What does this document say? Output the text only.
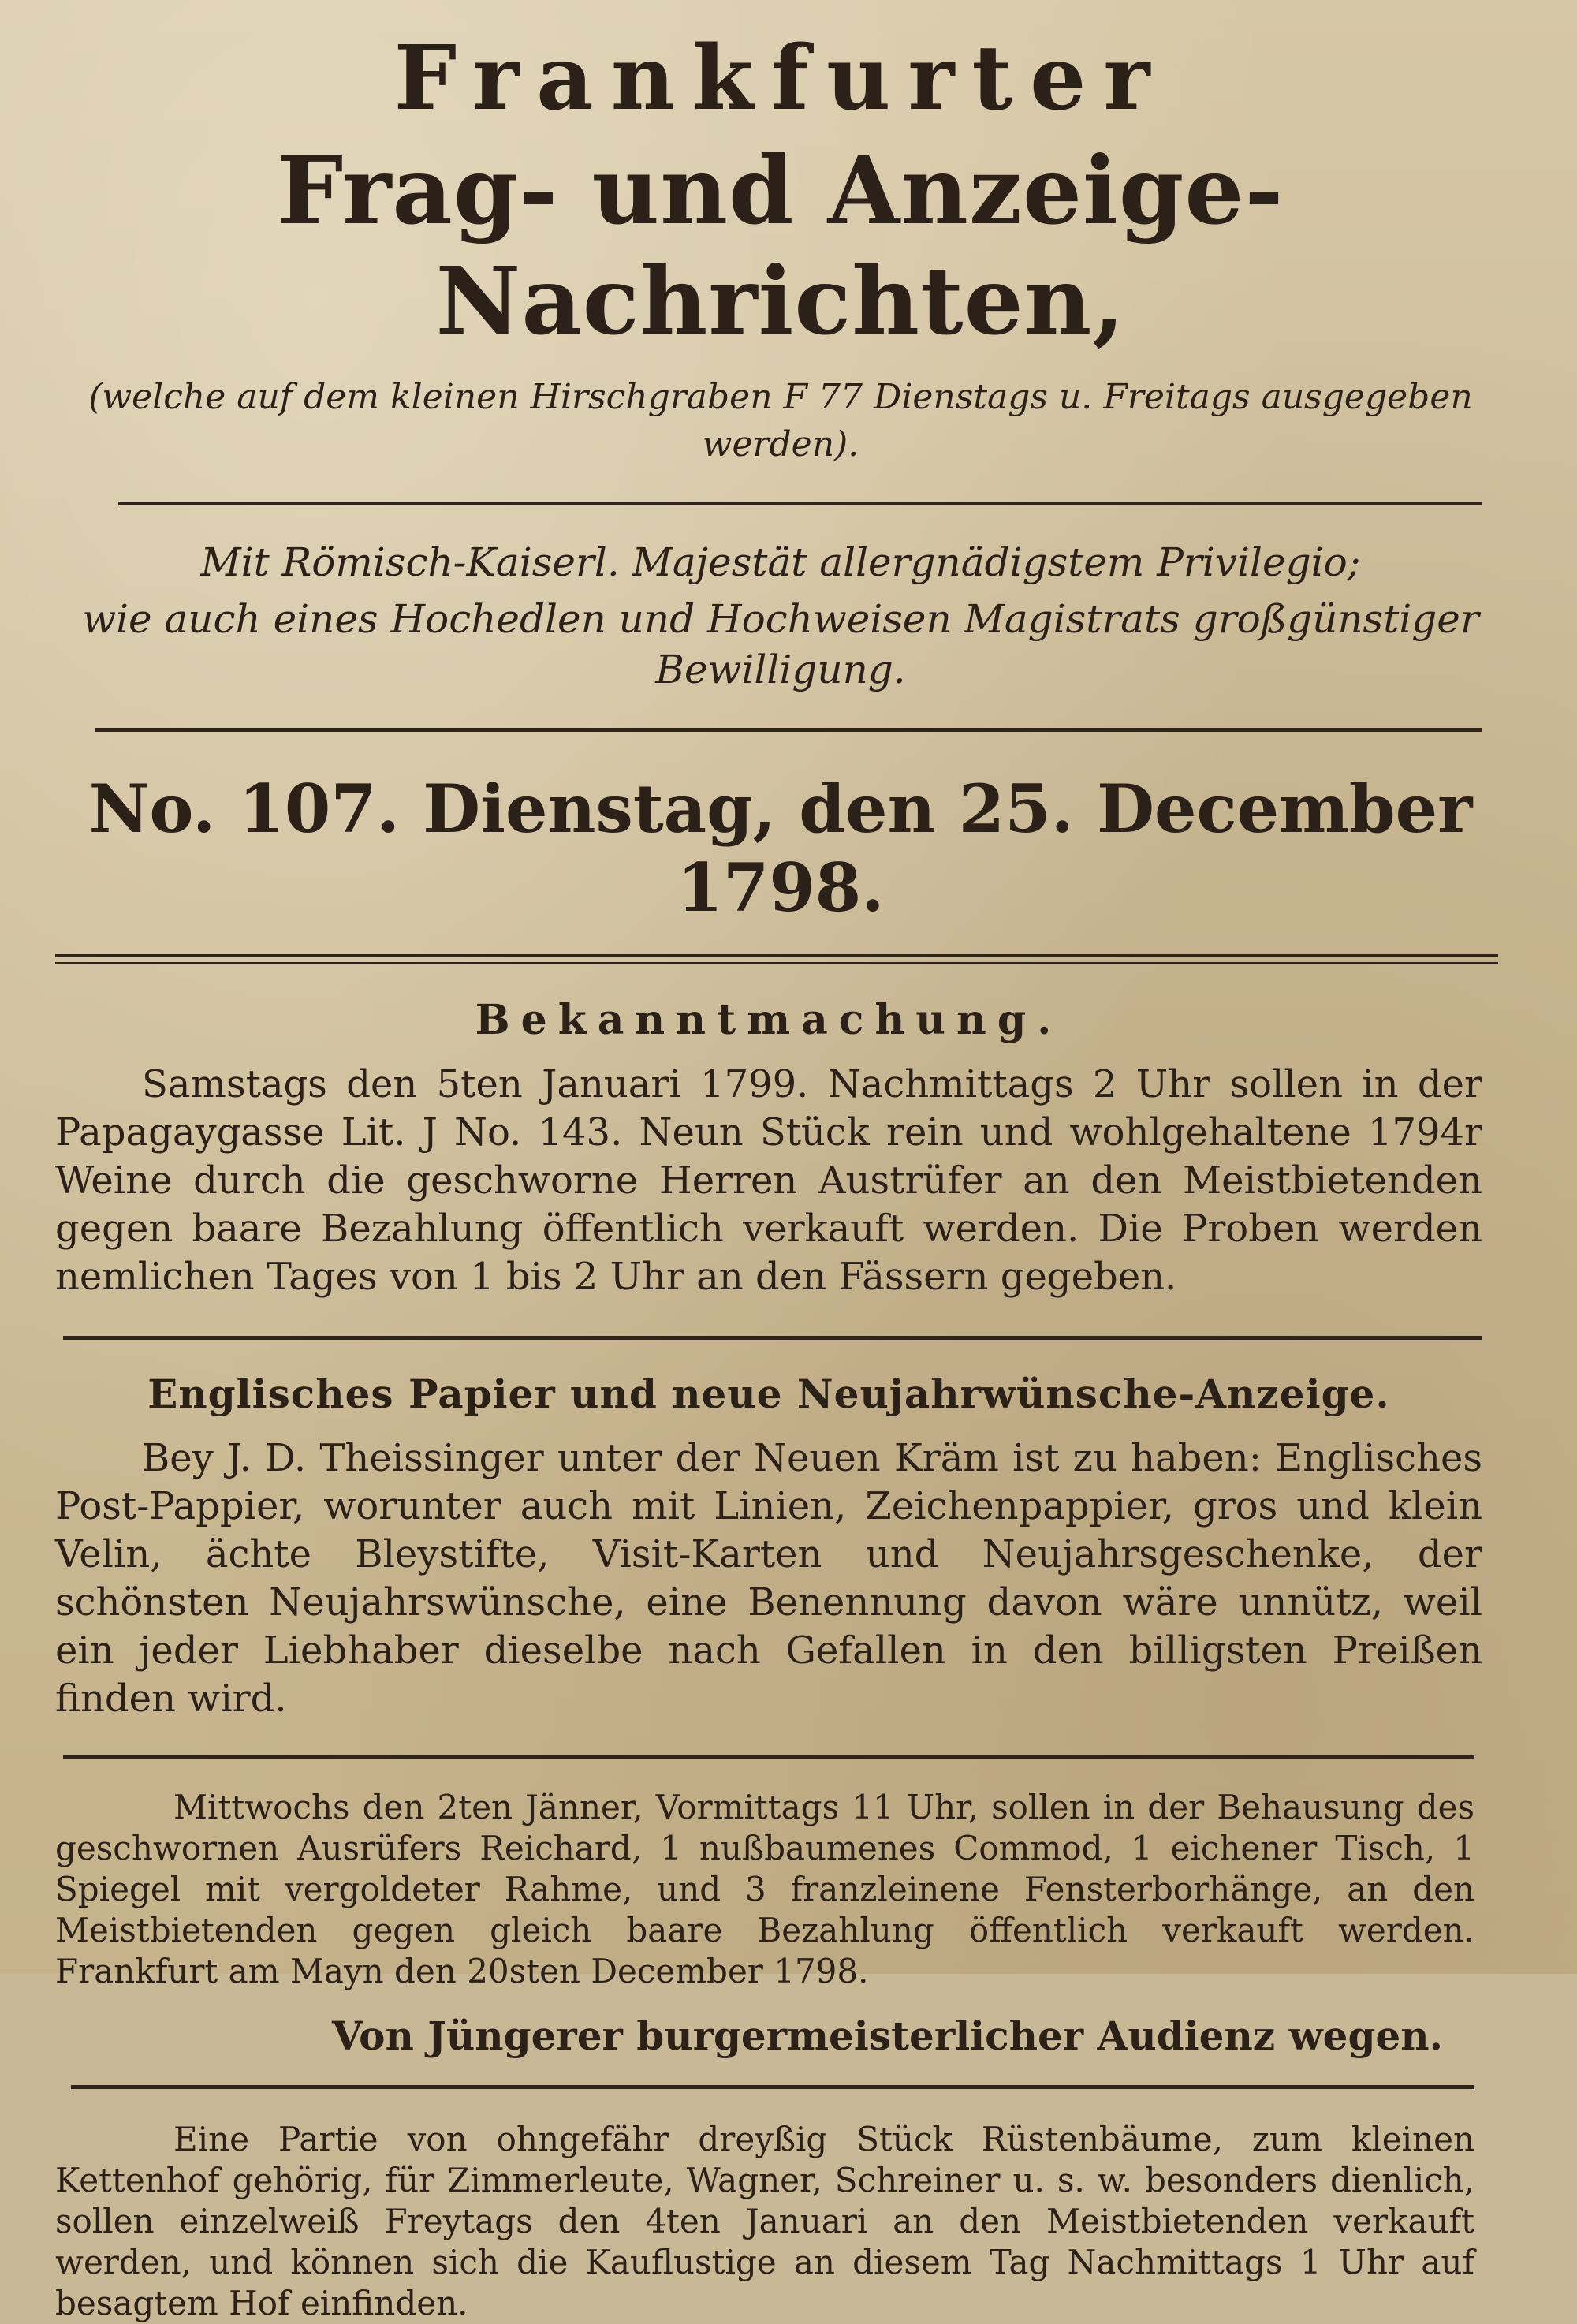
Frankfurter

Frag- und Anzeige-Nachrichten,

(welche auf dem kleinen Hirschgraben F 77 Dienstags u. Freitags ausgegeben werden).

Mit Römisch-Kaiserl. Majestät allergnädigstem Privilegio;

wie auch eines Hochedlen und Hochweisen Magistrats großgünstiger Bewilligung.

No. 107. Dienstag, den 25. December 1798.

Bekanntmachung.

Samstags den 5ten Januari 1799. Nachmittags 2 Uhr sollen in der Papagaygasse Lit. J No. 143. Neun Stück rein und wohlgehaltene 1794r Weine durch die geschworne Herren Austrüfer an den Meistbietenden gegen baare Bezahlung öffentlich verkauft werden. Die Proben werden nemlichen Tages von 1 bis 2 Uhr an den Fässern gegeben.

Englisches Papier und neue Neujahrwünsche-Anzeige.

Bey J. D. Theissinger unter der Neuen Kräm ist zu haben: Englisches Post-Pappier, worunter auch mit Linien, Zeichenpappier, gros und klein Velin, ächte Bleystifte, Visit-Karten und Neujahrsgeschenke, der schönsten Neujahrswünsche, eine Benennung davon wäre unnütz, weil ein jeder Liebhaber dieselbe nach Gefallen in den billigsten Preißen finden wird.

Mittwochs den 2ten Jänner, Vormittags 11 Uhr, sollen in der Behausung des geschwornen Ausrüfers Reichard, 1 nußbaumenes Commod, 1 eichener Tisch, 1 Spiegel mit vergoldeter Rahme, und 3 franzleinene Fensterborhänge, an den Meistbietenden gegen gleich baare Bezahlung öffentlich verkauft werden. Frankfurt am Mayn den 20sten December 1798.

Von Jüngerer burgermeisterlicher Audienz wegen.

Eine Partie von ohngefähr dreyßig Stück Rüstenbäume, zum kleinen Kettenhof gehörig, für Zimmerleute, Wagner, Schreiner u. s. w. besonders dienlich, sollen einzelweiß Freytags den 4ten Januari an den Meistbietenden verkauft werden, und können sich die Kauflustige an diesem Tag Nachmittags 1 Uhr auf besagtem Hof einfinden.
